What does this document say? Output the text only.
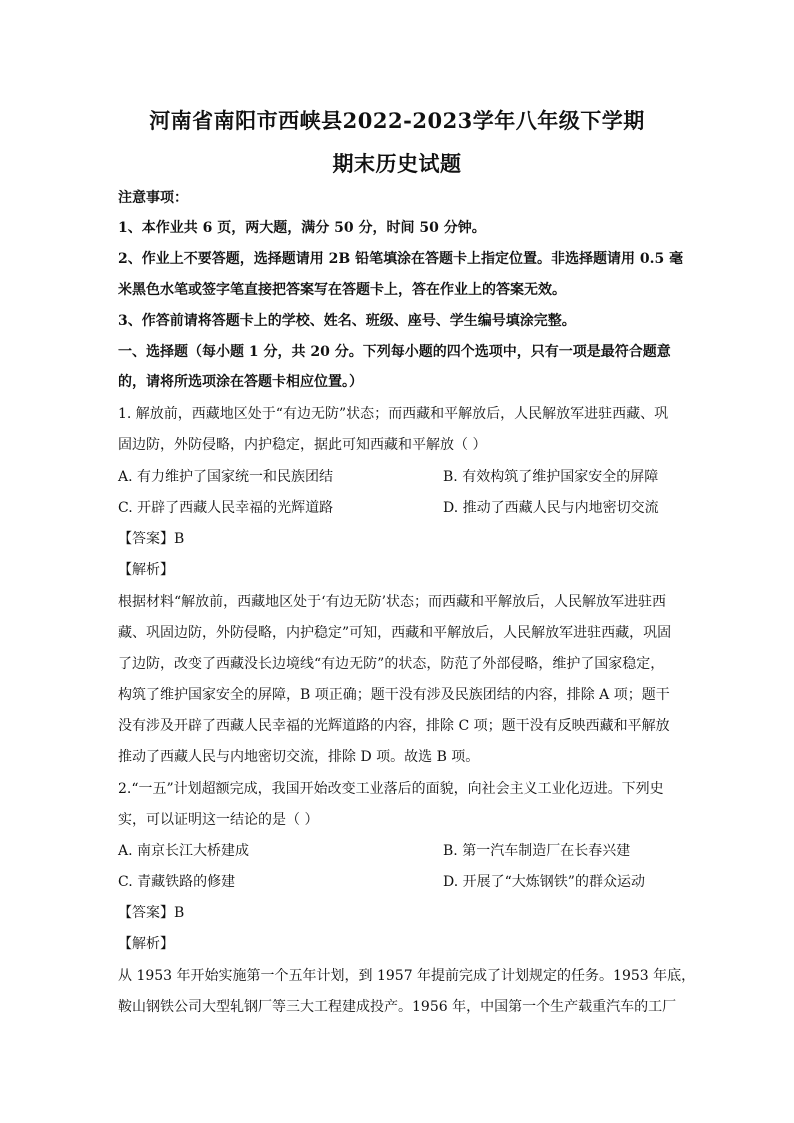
河南省南阳市西峡县2022-2023学年八年级下学期
期末历史试题
注意事项：
1、本作业共 6 页，两大题，满分 50 分，时间 50 分钟。
2、作业上不要答题，选择题请用 2B 铅笔填涂在答题卡上指定位置。非选择题请用 0.5 毫
米黑色水笔或签字笔直接把答案写在答题卡上，答在作业上的答案无效。
3、作答前请将答题卡上的学校、姓名、班级、座号、学生编号填涂完整。
一、选择题（每小题 1 分，共 20 分。下列每小题的四个选项中，只有一项是最符合题意
的，请将所选项涂在答题卡相应位置。）
1. 解放前，西藏地区处于“有边无防”状态；而西藏和平解放后，人民解放军进驻西藏、巩
固边防，外防侵略，内护稳定，据此可知西藏和平解放（ ）
A. 有力维护了国家统一和民族团结	B. 有效构筑了维护国家安全的屏障
C. 开辟了西藏人民幸福的光辉道路	D. 推动了西藏人民与内地密切交流
【答案】B
【解析】
根据材料“解放前，西藏地区处于‘有边无防’状态；而西藏和平解放后，人民解放军进驻西
藏、巩固边防，外防侵略，内护稳定”可知，西藏和平解放后，人民解放军进驻西藏，巩固
了边防，改变了西藏没长边境线“有边无防”的状态，防范了外部侵略，维护了国家稳定，
构筑了维护国家安全的屏障，B 项正确；题干没有涉及民族团结的内容，排除 A 项；题干
没有涉及开辟了西藏人民幸福的光辉道路的内容，排除 C 项；题干没有反映西藏和平解放
推动了西藏人民与内地密切交流，排除 D 项。故选 B 项。
2.“一五”计划超额完成，我国开始改变工业落后的面貌，向社会主义工业化迈进。下列史
实，可以证明这一结论的是（ ）
A. 南京长江大桥建成	B. 第一汽车制造厂在长春兴建
C. 青藏铁路的修建	D. 开展了“大炼钢铁”的群众运动
【答案】B
【解析】
从 1953 年开始实施第一个五年计划，到 1957 年提前完成了计划规定的任务。1953 年底，
鞍山钢铁公司大型轧钢厂等三大工程建成投产。1956 年，中国第一个生产载重汽车的工厂
